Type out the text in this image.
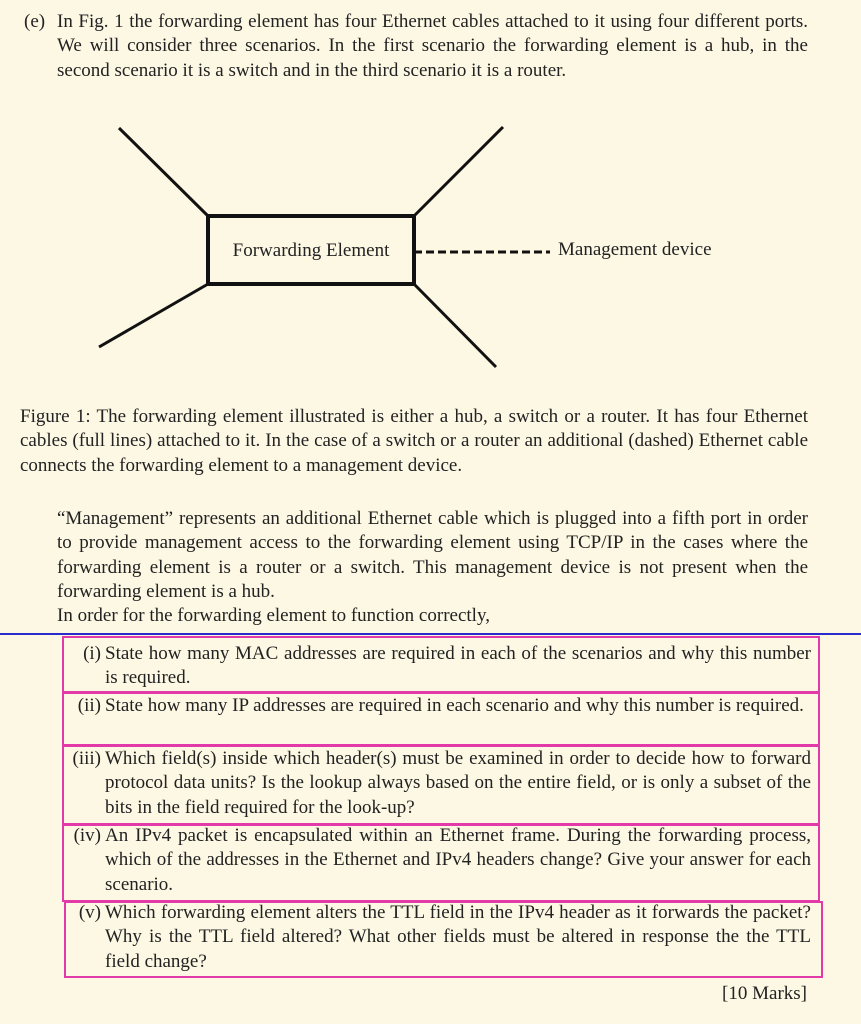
(e) In Fig. 1 the forwarding element has four Ethernet cables attached to it using four different ports. We will consider three scenarios. In the first scenario the forwarding element is a hub, in the second scenario it is a switch and in the third scenario it is a router.
Forwarding Element	Management device
Figure 1: The forwarding element illustrated is either a hub, a switch or a router. It has four Ethernet cables (full lines) attached to it. In the case of a switch or a router an additional (dashed) Ethernet cable connects the forwarding element to a management device.

“Management” represents an additional Ethernet cable which is plugged into a fifth port in order to provide management access to the forwarding element using TCP/IP in the cases where the forwarding element is a router or a switch. This management device is not present when the forwarding element is a hub.

In order for the forwarding element to function correctly,

(i) State how many MAC addresses are required in each of the scenarios and why this number is required.
(ii) State how many IP addresses are required in each scenario and why this number is required.
(iii) Which field(s) inside which header(s) must be examined in order to decide how to forward protocol data units? Is the lookup always based on the entire field, or is only a subset of the bits in the field required for the look-up?
(iv) An IPv4 packet is encapsulated within an Ethernet frame. During the forwarding process, which of the addresses in the Ethernet and IPv4 headers change? Give your answer for each scenario.
(v) Which forwarding element alters the TTL field in the IPv4 header as it forwards the packet? Why is the TTL field altered? What other fields must be altered in response the the TTL field change?
[10 Marks]
